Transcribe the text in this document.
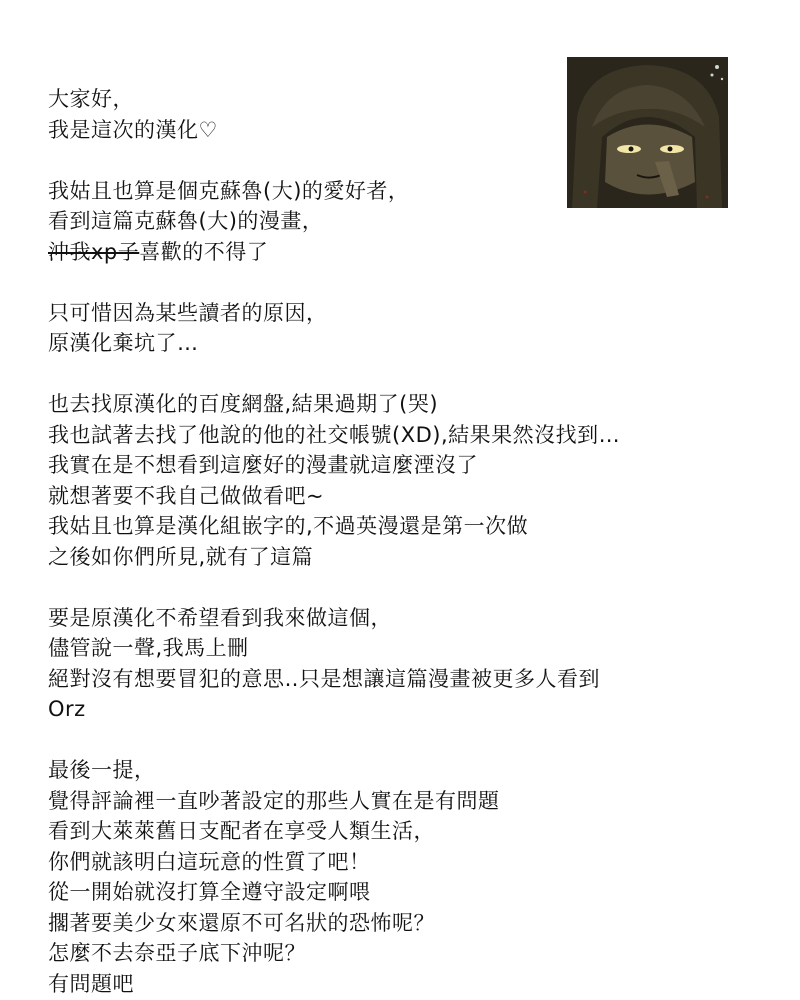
大家好，
我是這次的漢化♡
我姑且也算是個克蘇魯(大)的愛好者，
看到這篇克蘇魯(大)的漫畫，
沖我xp子喜歡的不得了
只可惜因為某些讀者的原因，
原漢化棄坑了…
也去找原漢化的百度網盤,結果過期了(哭)
我也試著去找了他說的他的社交帳號(XD),結果果然沒找到…
我實在是不想看到這麼好的漫畫就這麼湮沒了
就想著要不我自己做做看吧~
我姑且也算是漢化組嵌字的,不過英漫還是第一次做
之後如你們所見,就有了這篇
要是原漢化不希望看到我來做這個，
儘管說一聲,我馬上刪
絕對沒有想要冒犯的意思‥只是想讓這篇漫畫被更多人看到
Orz
最後一提，
覺得評論裡一直吵著設定的那些人實在是有問題
看到大萊萊舊日支配者在享受人類生活，
你們就該明白這玩意的性質了吧！
從一開始就沒打算全遵守設定啊喂
擱著要美少女來還原不可名狀的恐怖呢？
怎麼不去奈亞子底下沖呢？
有問題吧
